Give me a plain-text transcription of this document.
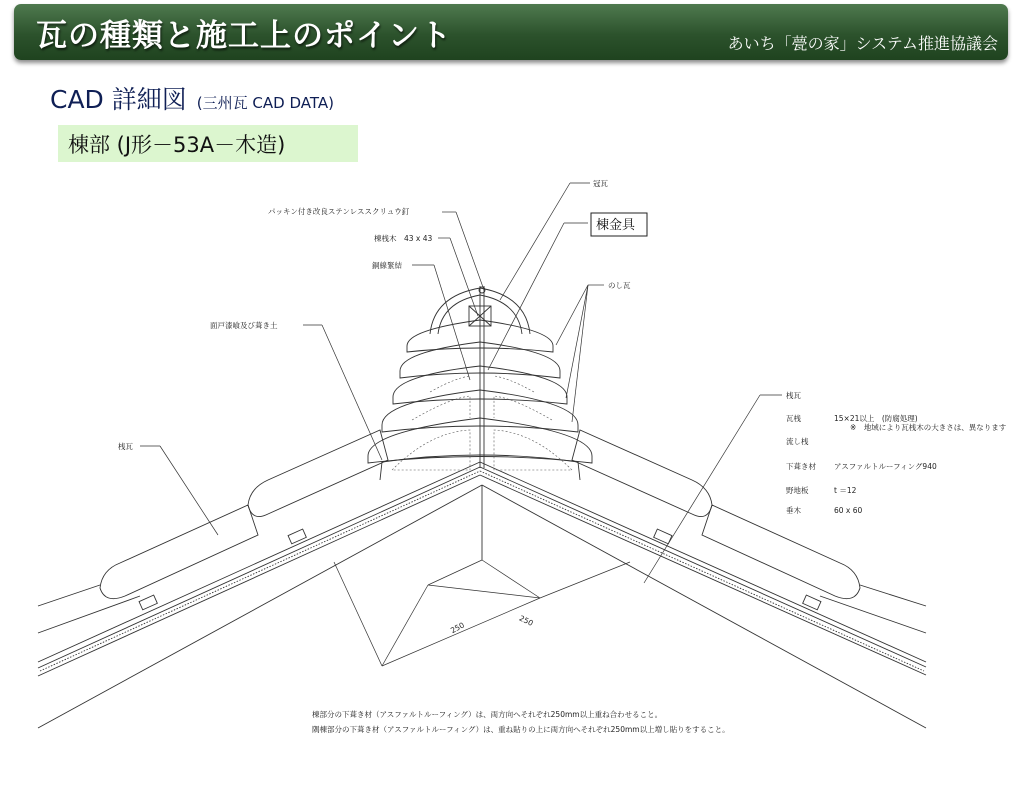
瓦の種類と施工上のポイント	あいち「甍の家」システム推進協議会
CAD 詳細図 (三州瓦 CAD DATA)
棟部 (J形－53A－木造)
冠瓦
パッキン付き改良ステンレススクリュウ釘
棟金具
棟桟木　43 x 43
銅線緊結
のし瓦
面戸漆喰及び葺き土
桟瓦
桟瓦
瓦桟	15×21以上　(防腐処理)
※　地域により瓦桟木の大きさは、異なります
流し桟
下葺き材 アスファルトルーフィング940
野地板	t ＝12
垂木	60 x 60
250	250
棟部分の下葺き材（アスファルトルーフィング）は、両方向へそれぞれ250mm以上重ね合わせること。
隅棟部分の下葺き材（アスファルトルーフィング）は、重ね貼りの上に両方向へそれぞれ250mm以上増し貼りをすること。
